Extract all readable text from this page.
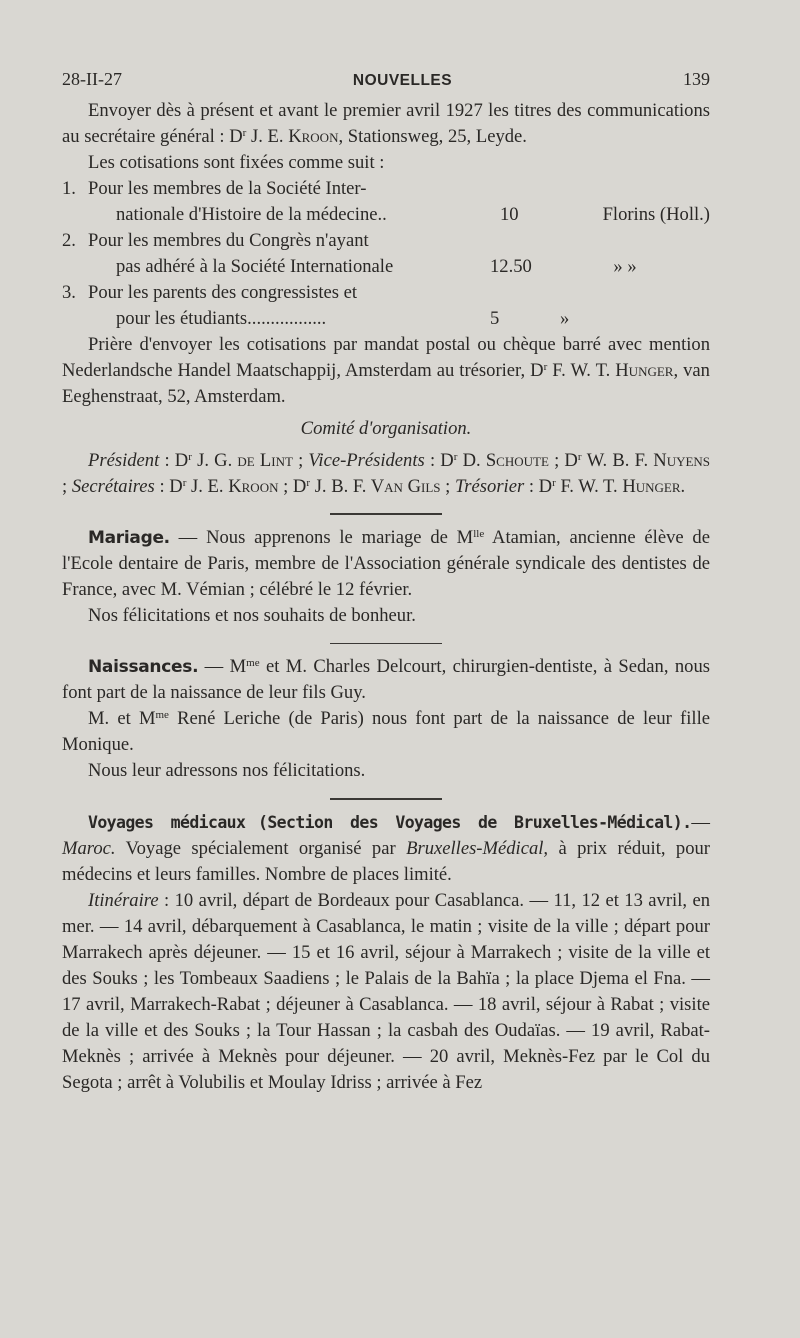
28-II-27	NOUVELLES	139

Envoyer dès à présent et avant le premier avril 1927 les titres des communications au secrétaire général : $D^r$ J. E. Kroon, Stationsweg, 25, Leyde.

Les cotisations sont fixées comme suit :

1. Pour les membres de la Société Inter-
nationale d'Histoire de la médecine..	10	Florins (Holl.)
2. Pour les membres du Congrès n'ayant
pas adhéré à la Société Internationale	12.50	» »
3. Pour les parents des congressistes et
pour les étudiants.................	5	»

Prière d'envoyer les cotisations par mandat postal ou chèque barré avec mention Nederlandsche Handel Maatschappij, Amsterdam au trésorier, $D^r$ F. W. T. Hunger, van Eeghenstraat, 52, Amsterdam.

Comité d'organisation.

Président : $D^r$ J. G. de Lint ; Vice-Présidents : $D^r$ D. Schoute ; $D^r$ W. B. F. Nuyens ; Secrétaires : $D^r$ J. E. Kroon ; $D^r$ J. B. F. Van Gils ; Trésorier : $D^r$ F. W. T. Hunger.

Mariage. — Nous apprenons le mariage de $M^{lle}$ Atamian, ancienne élève de l'Ecole dentaire de Paris, membre de l'Association générale syndicale des dentistes de France, avec M. Vémian ; célébré le 12 février.

Nos félicitations et nos souhaits de bonheur.

Naissances. — $M^{me}$ et M. Charles Delcourt, chirurgien-dentiste, à Sedan, nous font part de la naissance de leur fils Guy.

M. et $M^{me}$ René Leriche (de Paris) nous font part de la naissance de leur fille Monique.

Nous leur adressons nos félicitations.

Voyages médicaux (Section des Voyages de Bruxelles-Médical).— Maroc. Voyage spécialement organisé par Bruxelles-Médical, à prix réduit, pour médecins et leurs familles. Nombre de places limité.

Itinéraire : 10 avril, départ de Bordeaux pour Casablanca. — 11, 12 et 13 avril, en mer. — 14 avril, débarquement à Casablanca, le matin ; visite de la ville ; départ pour Marrakech après déjeuner. — 15 et 16 avril, séjour à Marrakech ; visite de la ville et des Souks ; les Tombeaux Saadiens ; le Palais de la Bahïa ; la place Djema el Fna. — 17 avril, Marrakech-Rabat ; déjeuner à Casablanca. — 18 avril, séjour à Rabat ; visite de la ville et des Souks ; la Tour Hassan ; la casbah des Oudaïas. — 19 avril, Rabat-Meknès ; arrivée à Meknès pour déjeuner. — 20 avril, Meknès-Fez par le Col du Segota ; arrêt à Volubilis et Moulay Idriss ; arrivée à Fez
